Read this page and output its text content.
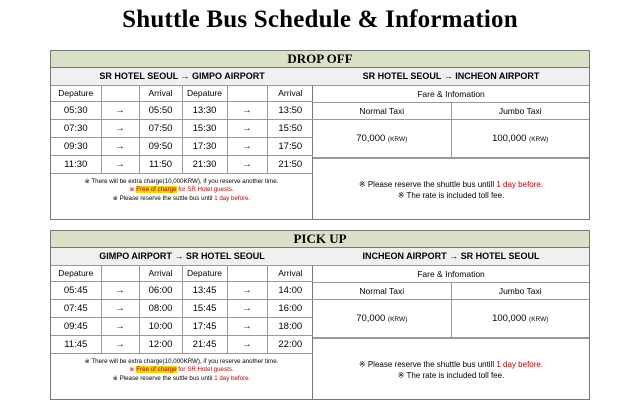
Shuttle Bus Schedule & Information
DROP OFF
SR HOTEL SEOUL → GIMPO AIRPORT					
Depature		Arrival	Depature		Arrival
05:30	→	05:50	13:30	→	13:50
07:30	→	07:50	15:30	→	15:50
09:30	→	09:50	17:30	→	17:50
11:30	→	11:50	21:30	→	21:50

※ There will be extra charge(10,000KRW), if you reserve another time.

※ Free of charge for SR Hotel guests.

※ Please reserve the suttle bus until 1 day before.

SR HOTEL SEOUL → INCHEON AIRPORT	
Fare & Infomation	
Normal Taxi	Jumbo Taxi
70,000 (KRW)	100,000 (KRW)

※ Please reserve the shuttle bus untill 1 day before.

※ The rate is included toll fee.

PICK UP
GIMPO AIRPORT → SR HOTEL SEOUL					
Depature		Arrival	Depature		Arrival
05:45	→	06:00	13:45	→	14:00
07:45	→	08:00	15:45	→	16:00
09:45	→	10:00	17:45	→	18:00
11:45	→	12:00	21:45	→	22:00

※ There will be extra charge(10,000KRW), if you reserve another time.

※ Free of charge for SR Hotel guests.

※ Please reserve the suttle bus until 1 day before.

INCHEON AIRPORT → SR HOTEL SEOUL	
Fare & Infomation	
Normal Taxi	Jumbo Taxi
70,000 (KRW)	100,000 (KRW)

※ Please reserve the shuttle bus untill 1 day before.

※ The rate is included toll fee.
